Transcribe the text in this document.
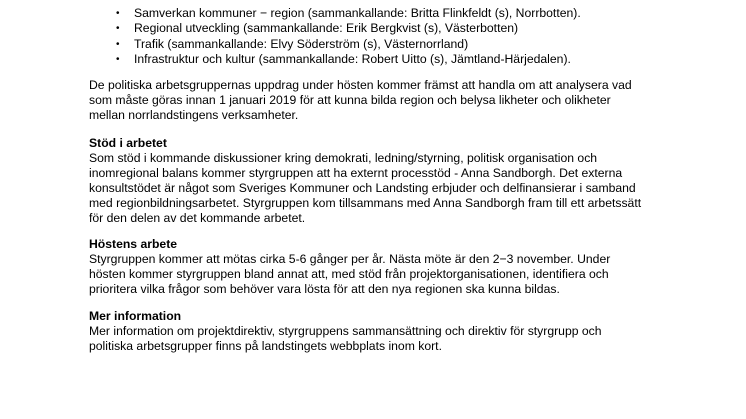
• Samverkan kommuner − region (sammankallande: Britta Flinkfeldt (s), Norrbotten).
• Regional utveckling (sammankallande: Erik Bergkvist (s), Västerbotten)
• Trafik (sammankallande: Elvy Söderström (s), Västernorrland)
• Infrastruktur och kultur (sammankallande: Robert Uitto (s), Jämtland-Härjedalen).

De politiska arbetsgruppernas uppdrag under hösten kommer främst att handla om att analysera vad
som måste göras innan 1 januari 2019 för att kunna bilda region och belysa likheter och olikheter
mellan norrlandstingens verksamheter.

Stöd i arbetet

Som stöd i kommande diskussioner kring demokrati, ledning/styrning, politisk organisation och
inomregional balans kommer styrgruppen att ha externt processtöd - Anna Sandborgh. Det externa
konsultstödet är något som Sveriges Kommuner och Landsting erbjuder och delfinansierar i samband
med regionbildningsarbetet. Styrgruppen kom tillsammans med Anna Sandborgh fram till ett arbetssätt
för den delen av det kommande arbetet.

Höstens arbete

Styrgruppen kommer att mötas cirka 5-6 gånger per år. Nästa möte är den 2−3 november. Under
hösten kommer styrgruppen bland annat att, med stöd från projektorganisationen, identifiera och
prioritera vilka frågor som behöver vara lösta för att den nya regionen ska kunna bildas.

Mer information

Mer information om projektdirektiv, styrgruppens sammansättning och direktiv för styrgrupp och
politiska arbetsgrupper finns på landstingets webbplats inom kort.
